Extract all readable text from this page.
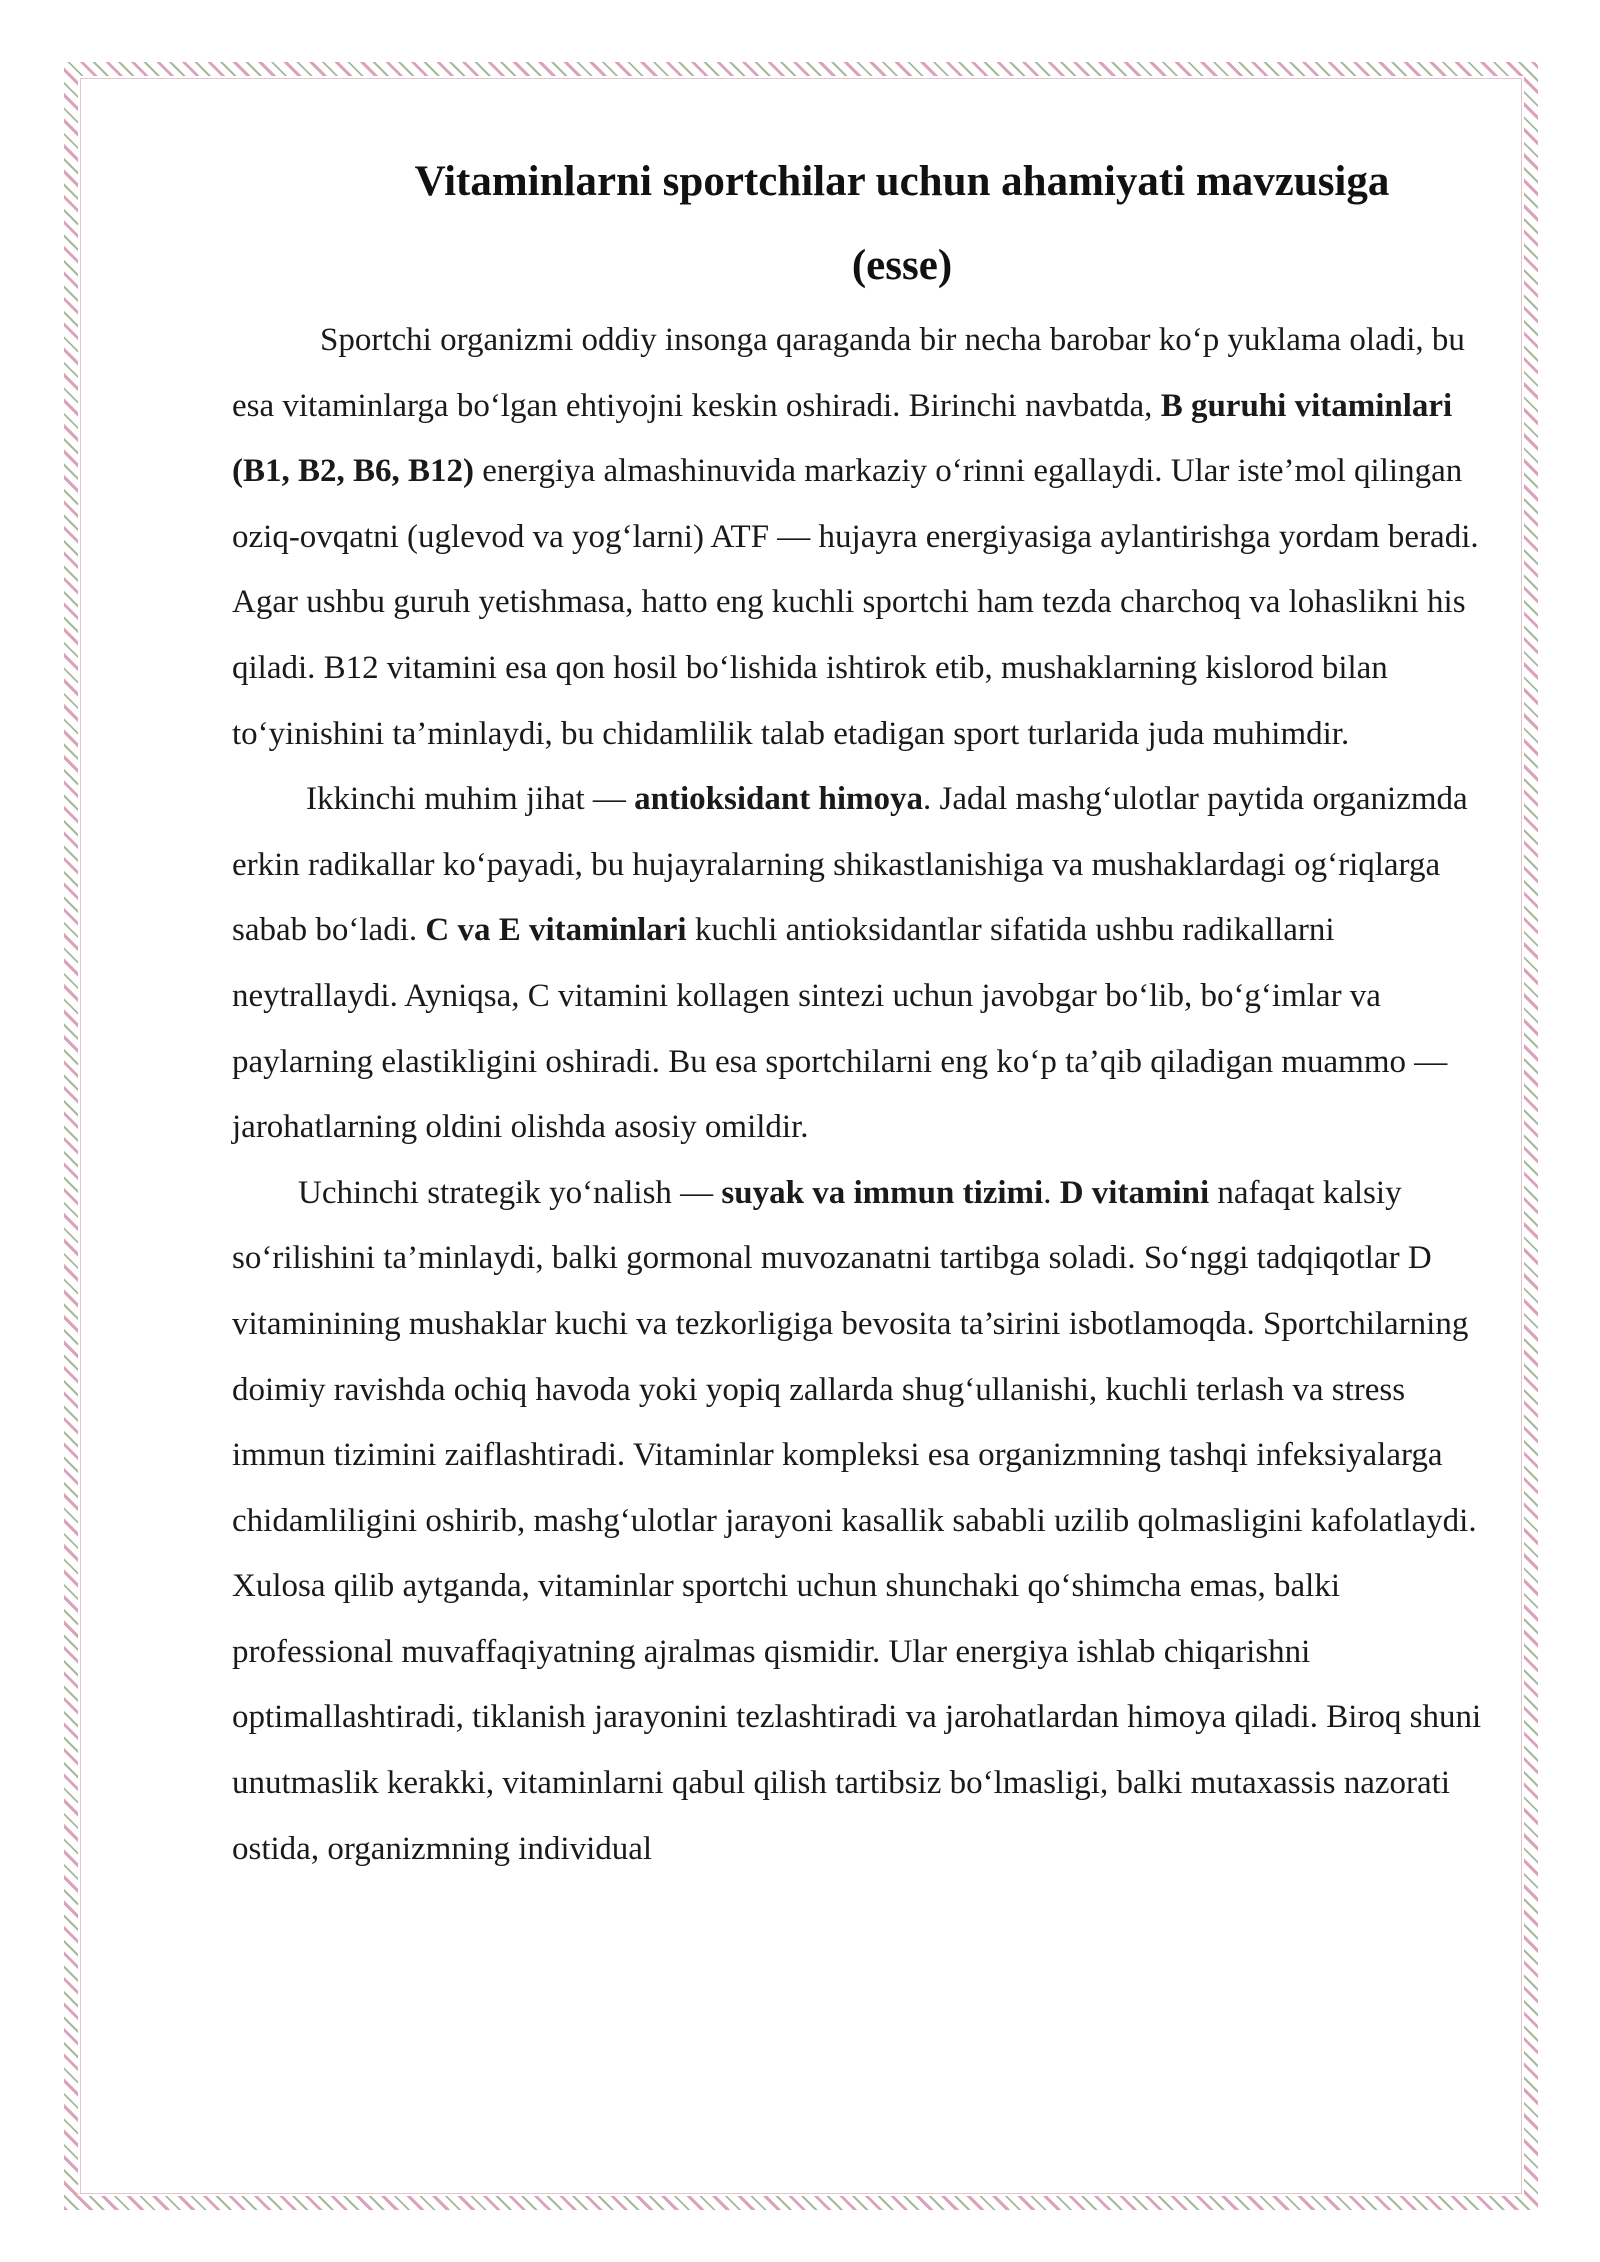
Vitaminlarni sportchilar uchun ahamiyati mavzusiga
(esse)

Sportchi organizmi oddiy insonga qaraganda bir necha barobar ko‘p yuklama oladi, bu esa vitaminlarga bo‘lgan ehtiyojni keskin oshiradi. Birinchi navbatda, B guruhi vitaminlari (B1, B2, B6, B12) energiya almashinuvida markaziy o‘rinni egallaydi. Ular iste’mol qilingan oziq-ovqatni (uglevod va yog‘larni) ATF — hujayra energiyasiga aylantirishga yordam beradi. Agar ushbu guruh yetishmasa, hatto eng kuchli sportchi ham tezda charchoq va lohaslikni his qiladi. B12 vitamini esa qon hosil bo‘lishida ishtirok etib, mushaklarning kislorod bilan to‘yinishini ta’minlaydi, bu chidamlilik talab etadigan sport turlarida juda muhimdir.

Ikkinchi muhim jihat — antioksidant himoya. Jadal mashg‘ulotlar paytida organizmda erkin radikallar ko‘payadi, bu hujayralarning shikastlanishiga va mushaklardagi og‘riqlarga sabab bo‘ladi. C va E vitaminlari kuchli antioksidantlar sifatida ushbu radikallarni neytrallaydi. Ayniqsa, C vitamini kollagen sintezi uchun javobgar bo‘lib, bo‘g‘imlar va paylarning elastikligini oshiradi. Bu esa sportchilarni eng ko‘p ta’qib qiladigan muammo — jarohatlarning oldini olishda asosiy omildir.

Uchinchi strategik yo‘nalish — suyak va immun tizimi. D vitamini nafaqat kalsiy so‘rilishini ta’minlaydi, balki gormonal muvozanatni tartibga soladi. So‘nggi tadqiqotlar D vitaminining mushaklar kuchi va tezkorligiga bevosita ta’sirini isbotlamoqda. Sportchilarning doimiy ravishda ochiq havoda yoki yopiq zallarda shug‘ullanishi, kuchli terlash va stress immun tizimini zaiflashtiradi. Vitaminlar kompleksi esa organizmning tashqi infeksiyalarga chidamliligini oshirib, mashg‘ulotlar jarayoni kasallik sababli uzilib qolmasligini kafolatlaydi. Xulosa qilib aytganda, vitaminlar sportchi uchun shunchaki qo‘shimcha emas, balki professional muvaffaqiyatning ajralmas qismidir. Ular energiya ishlab chiqarishni optimallashtiradi, tiklanish jarayonini tezlashtiradi va jarohatlardan himoya qiladi. Biroq shuni unutmaslik kerakki, vitaminlarni qabul qilish tartibsiz bo‘lmasligi, balki mutaxassis nazorati ostida, organizmning individual
